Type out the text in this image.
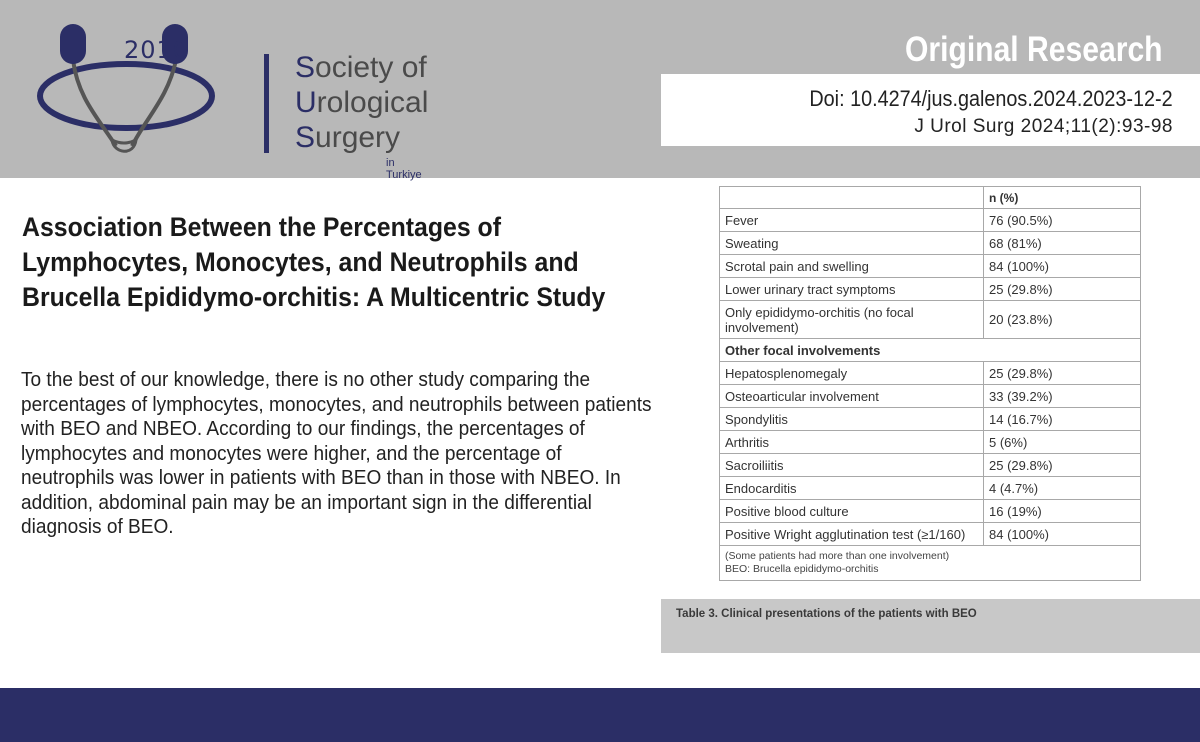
2010
Society of
Urological
Surgery
in Turkiye
Original Research
Doi: 10.4274/jus.galenos.2024.2023-12-2
J Urol Surg 2024;11(2):93-98
Association Between the Percentages of Lymphocytes, Monocytes, and Neutrophils and Brucella Epididymo-orchitis: A Multicentric Study

To the best of our knowledge, there is no other study comparing the percentages of lymphocytes, monocytes, and neutrophils between patients with BEO and NBEO. According to our findings, the percentages of lymphocytes and monocytes were higher, and the percentage of neutrophils was lower in patients with BEO than in those with NBEO. In addition, abdominal pain may be an important sign in the differential diagnosis of BEO.

	n (%)
Fever	76 (90.5%)
Sweating	68 (81%)
Scrotal pain and swelling	84 (100%)
Lower urinary tract symptoms	25 (29.8%)
Only epididymo-orchitis (no focal involvement)	20 (23.8%)
Other focal involvements	
Hepatosplenomegaly	25 (29.8%)
Osteoarticular involvement	33 (39.2%)
Spondylitis	14 (16.7%)
Arthritis	5 (6%)
Sacroiliitis	25 (29.8%)
Endocarditis	4 (4.7%)
Positive blood culture	16 (19%)
Positive Wright agglutination test (≥1/160)	84 (100%)

(Some patients had more than one involvement)
BEO: Brucella epididymo-orchitis	
Table 3. Clinical presentations of the patients with BEO
